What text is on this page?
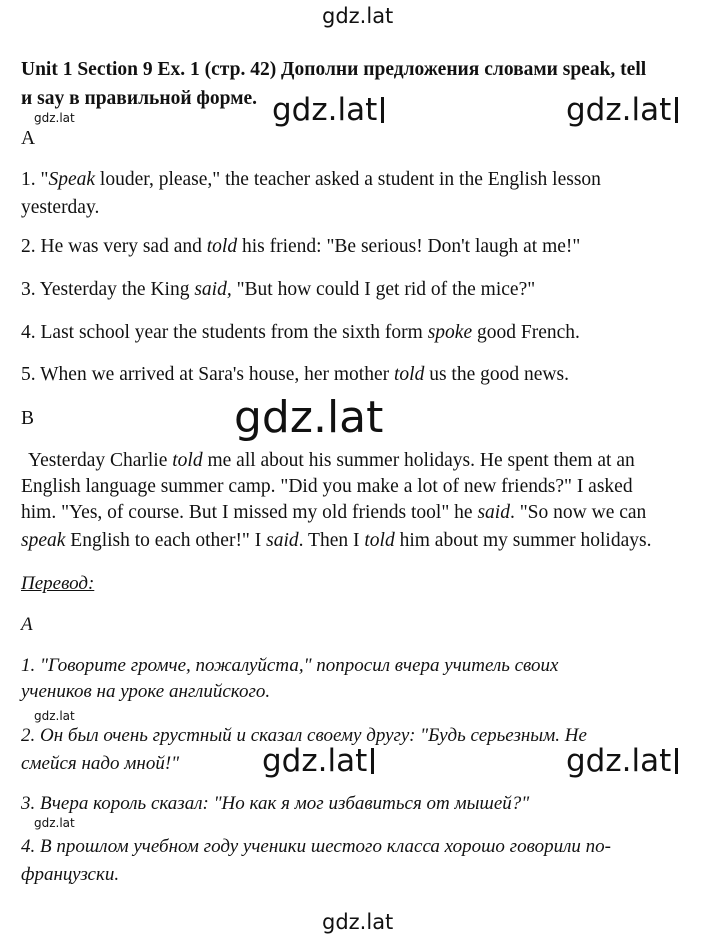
gdz.lat
gdz.lat	gdz.lat
gdz.lat
Unit 1 Section 9 Ex. 1 (стр. 42) Дополни предложения словами speak, tell
и say в правильной форме.
A
1. "Speak louder, please," the teacher asked a student in the English lesson
yesterday.
2. He was very sad and told his friend: "Be serious! Don't laugh at me!"
3. Yesterday the King said, "But how could I get rid of the mice?"
4. Last school year the students from the sixth form spoke good French.
5. When we arrived at Sara's house, her mother told us the good news.
B	gdz.lat
Yesterday Charlie told me all about his summer holidays. He spent them at an
English language summer camp. "Did you make a lot of new friends?" I asked
him. "Yes, of course. But I missed my old friends tool" he said. "So now we can
speak English to each other!" I said. Then I told him about my summer holidays.
Перевод:
A
1. "Говорите громче, пожалуйста," попросил вчера учитель своих
учеников на уроке английского.
gdz.lat
2. Он был очень грустный и сказал своему другу: "Будь серьезным. Не
смейся надо мной!"	gdz.lat	gdz.lat
3. Вчера король сказал: "Но как я мог избавиться от мышей?"
gdz.lat
4. В прошлом учебном году ученики шестого класса хорошо говорили по-
французски.
gdz.lat
